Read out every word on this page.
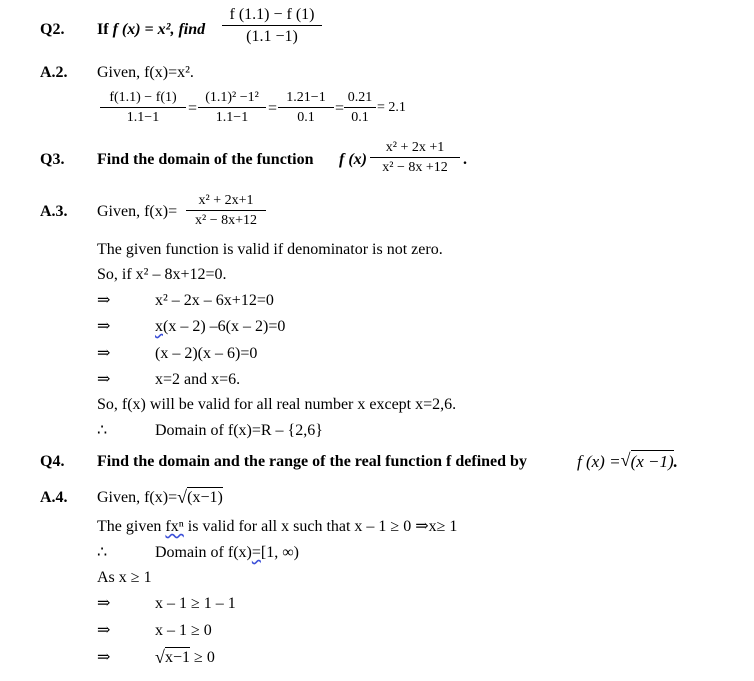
Q2. If f (x) = x², find
f (1.1) − f (1)
(1.1 −1)
A.2. Given, f(x)=x².
f(1.1) − f(1)
1.1−1
=
(1.1)² −1²
1.1−1
=
1.21−1
0.1
=
0.21
0.1
= 2.1
Q3. Find the domain of the function f (x)
x² + 2x +1
x² − 8x +12 .
A.3. Given, f(x)=
x² + 2x+1
x² − 8x+12
The given function is valid if denominator is not zero.
So, if x² – 8x+12=0.
⇒	x² – 2x – 6x+12=0
⇒	x(x – 2) –6(x – 2)=0
⇒	(x – 2)(x – 6)=0
⇒	x=2 and x=6.
So, f(x) will be valid for all real number x except x=2,6.
∴	Domain of f(x)=R – {2,6}
Q4. Find the domain and the range of the real function f defined by	f (x) = √ (x −1).
A.4. Given, f(x)= √ (x−1)
The given fxⁿ is valid for all x such that x – 1 ≥ 0 ⇒x≥ 1
∴	Domain of f(x)=[1, ∞)
As x ≥ 1
⇒	x – 1 ≥ 1 – 1
⇒	x – 1 ≥ 0
⇒ √ x−1 ≥ 0
